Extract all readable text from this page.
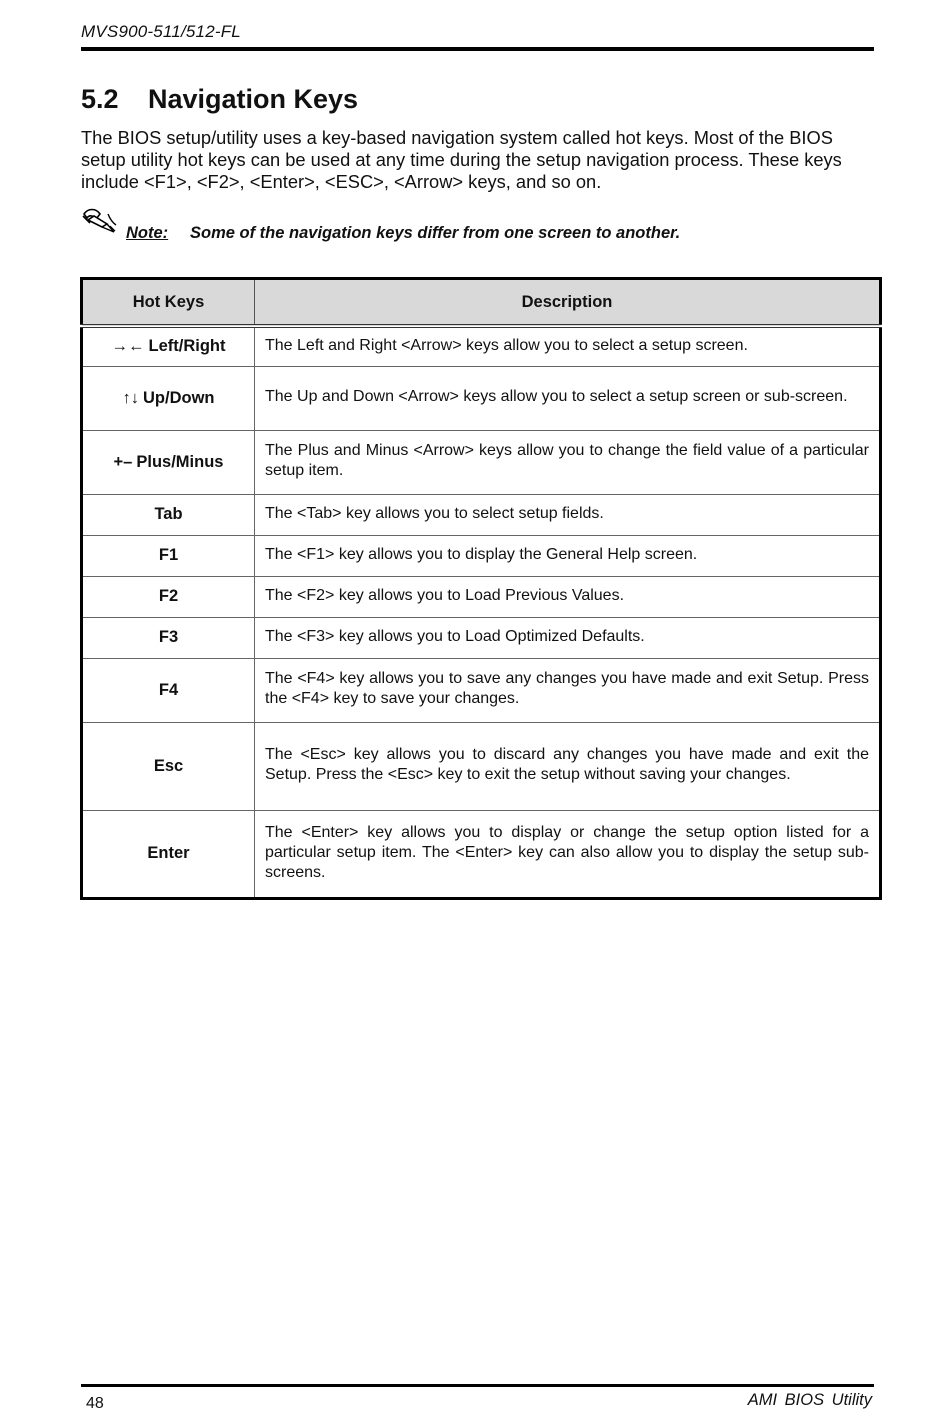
MVS900-511/512-FL
5.2 Navigation Keys
The BIOS setup/utility uses a key-based navigation system called hot keys. Most of the BIOS setup utility hot keys can be used at any time during the setup navigation process. These keys include <F1>, <F2>, <Enter>, <ESC>, <Arrow> keys, and so on.
Note: Some of the navigation keys differ from one screen to another.
Hot Keys	Description
→← Left/Right	The Left and Right <Arrow> keys allow you to select a setup screen.
↑↓ Up/Down	The Up and Down <Arrow> keys allow you to select a setup screen or sub-screen.
+– Plus/Minus	The Plus and Minus <Arrow> keys allow you to change the field value of a particular setup item.
Tab	The <Tab> key allows you to select setup fields.
F1	The <F1> key allows you to display the General Help screen.
F2	The <F2> key allows you to Load Previous Values.
F3	The <F3> key allows you to Load Optimized Defaults.
F4	The <F4> key allows you to save any changes you have made and exit Setup. Press the <F4> key to save your changes.
Esc	The <Esc> key allows you to discard any changes you have made and exit the Setup. Press the <Esc> key to exit the setup without saving your changes.
Enter	The <Enter> key allows you to display or change the setup option listed for a particular setup item. The <Enter> key can also allow you to display the setup sub- screens.
48	AMI BIOS Utility
